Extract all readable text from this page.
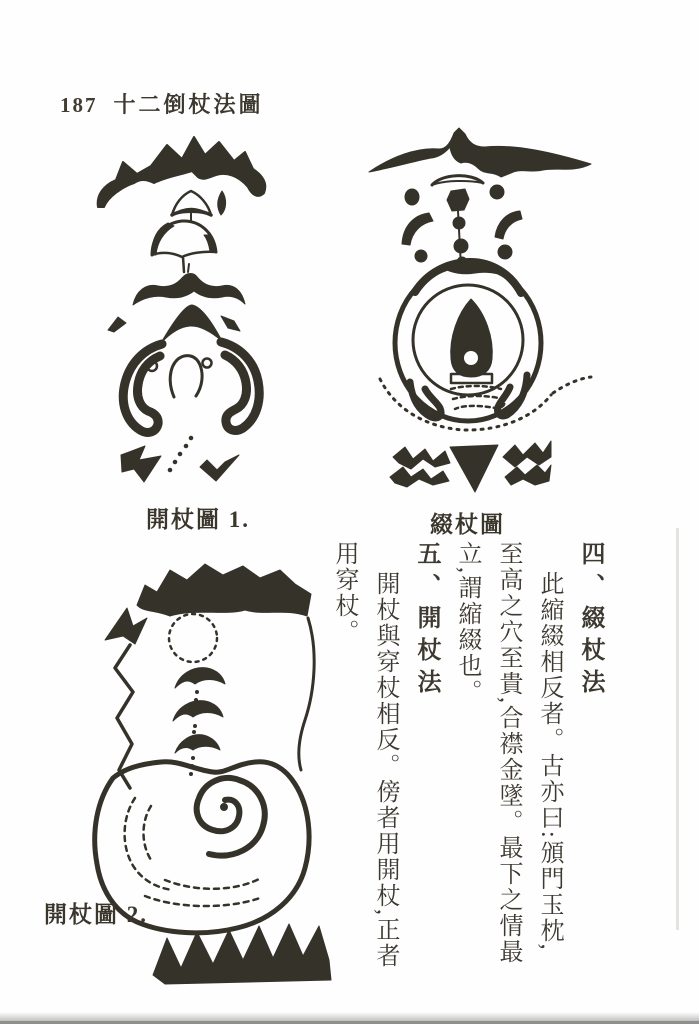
187 十二倒杖法圖
開杖圖 1.	綴杖圖
開杖圖 2.
四、綴杖法
此縮綴相反者。古亦曰:頒門玉枕,
至高之穴至貴,合襟金墜。最下之情最
立,謂縮綴也。
五、開杖法
開杖與穿杖相反。傍者用開杖,正者
用穿杖。
